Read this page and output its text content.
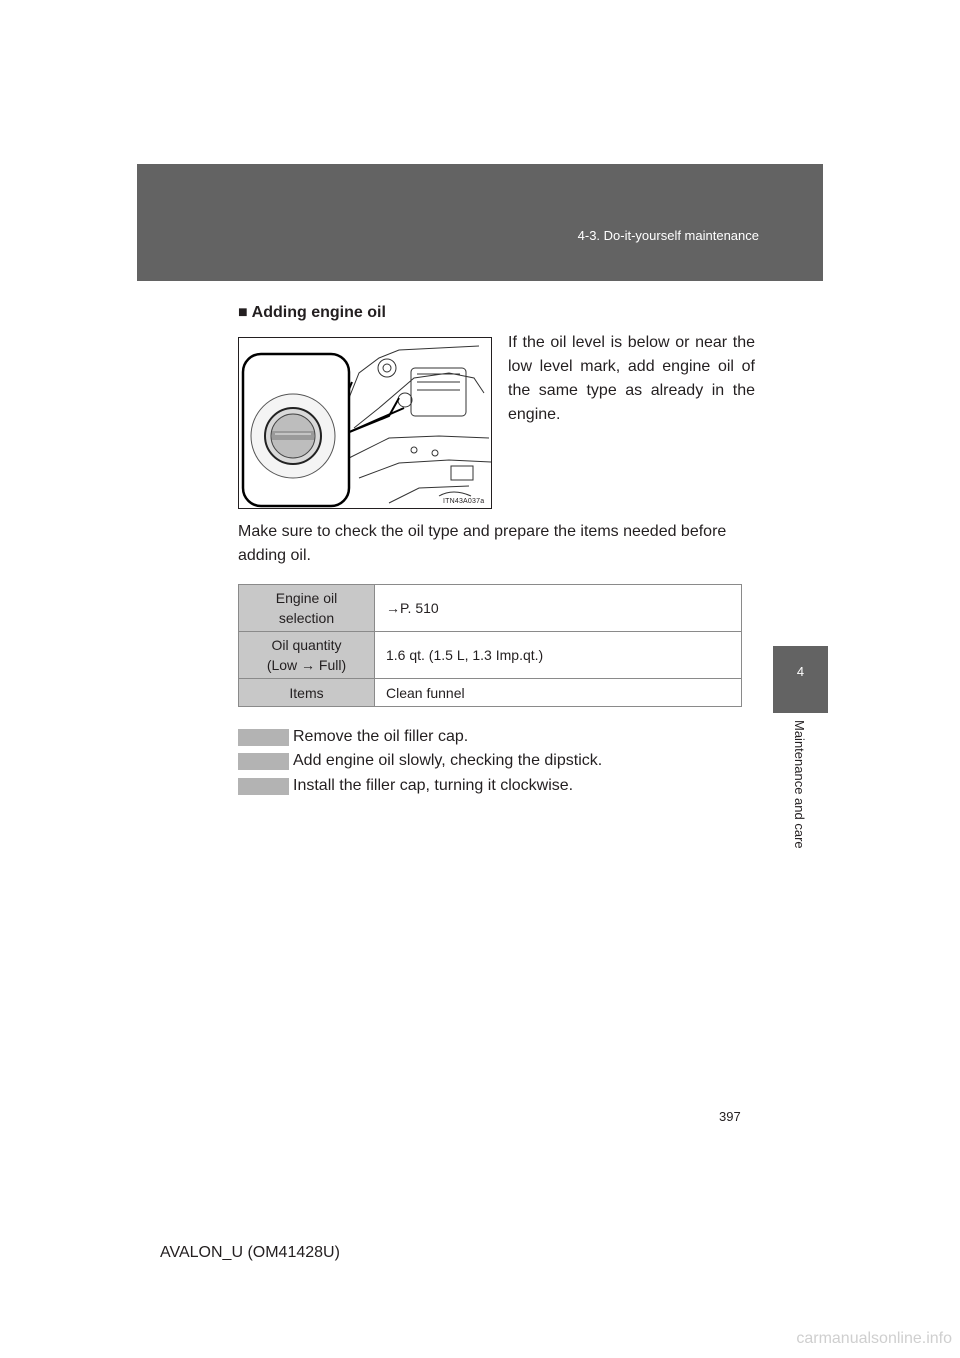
4-3. Do-it-yourself maintenance
4
Maintenance and care
■ Adding engine oil
ITN43A037a
If the oil level is below or near the low level mark, add engine oil of the same type as already in the engine.
Make sure to check the oil type and prepare the items needed before adding oil.
Engine oil
selection	→P. 510
Oil quantity
(Low → Full)	1.6 qt. (1.5 L, 1.3 Imp.qt.)
Items	Clean funnel
Remove the oil filler cap.
Add engine oil slowly, checking the dipstick.
Install the filler cap, turning it clockwise.
397
AVALON_U (OM41428U)
carmanualsonline.info
